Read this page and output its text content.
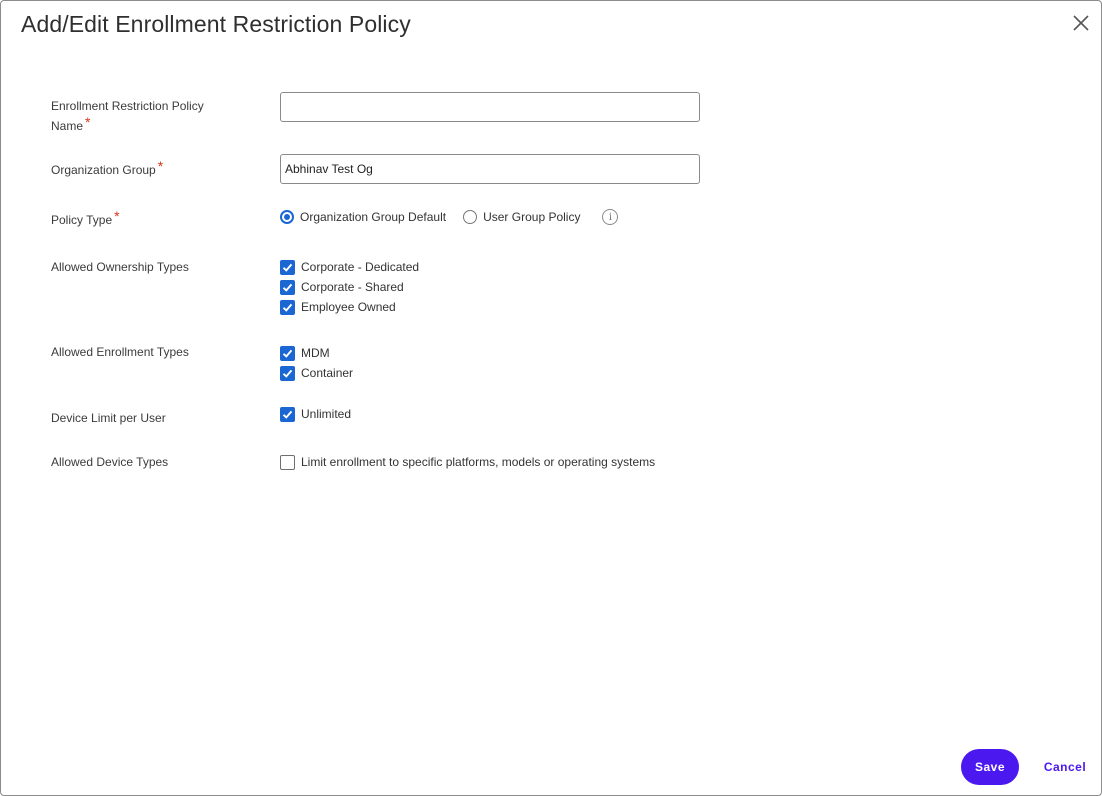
Add/Edit Enrollment Restriction Policy
Enrollment Restriction Policy Name *
Organization Group *	Abhinav Test Og
Policy Type *	Organization Group Default	User Group Policy	i
Allowed Ownership Types	Corporate - Dedicated
Corporate - Shared
Employee Owned
Allowed Enrollment Types	MDM
Container
Device Limit per User	Unlimited
Allowed Device Types	Limit enrollment to specific platforms, models or operating systems
Save	Cancel
